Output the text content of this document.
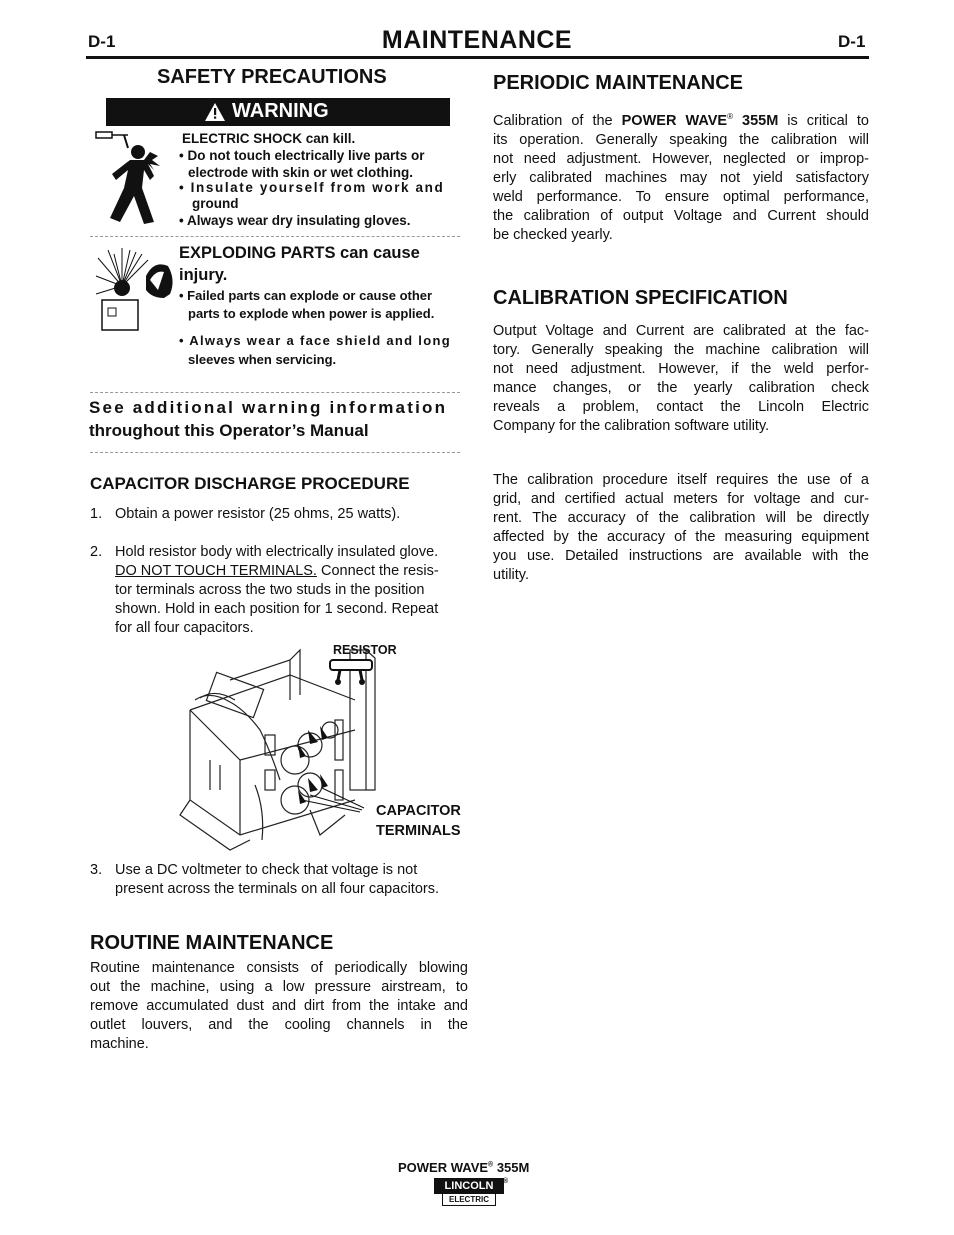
D-1	MAINTENANCE	D-1
SAFETY PRECAUTIONS
WARNING
ELECTRIC SHOCK can kill.
• Do not touch electrically live parts or
electrode with skin or wet clothing.
• Insulate yourself from work and
ground
• Always wear dry insulating gloves.
EXPLODING PARTS can cause
injury.
• Failed parts can explode or cause other
parts to explode when power is applied.
• Always wear a face shield and long
sleeves when servicing.
See additional warning information
throughout this Operator’s Manual
CAPACITOR DISCHARGE PROCEDURE
1. Obtain a power resistor (25 ohms, 25 watts).
2. Hold resistor body with electrically insulated glove.
DO NOT TOUCH TERMINALS. Connect the resis-
tor terminals across the two studs in the position
shown. Hold in each position for 1 second. Repeat
for all four capacitors.
RESISTOR
CAPACITOR
TERMINALS
3. Use a DC voltmeter to check that voltage is not
present across the terminals on all four capacitors.
ROUTINE MAINTENANCE
Routine maintenance consists of periodically blowing
out the machine, using a low pressure airstream, to
remove accumulated dust and dirt from the intake and
outlet louvers, and the cooling channels in the
machine.
PERIODIC MAINTENANCE
Calibration of the POWER WAVE® 355M is critical to
its operation. Generally speaking the calibration will
not need adjustment. However, neglected or improp-
erly calibrated machines may not yield satisfactory
weld performance. To ensure optimal performance,
the calibration of output Voltage and Current should
be checked yearly.
CALIBRATION SPECIFICATION
Output Voltage and Current are calibrated at the fac-
tory. Generally speaking the machine calibration will
not need adjustment. However, if the weld perfor-
mance changes, or the yearly calibration check
reveals a problem, contact the Lincoln Electric
Company for the calibration software utility.
The calibration procedure itself requires the use of a
grid, and certified actual meters for voltage and cur-
rent. The accuracy of the calibration will be directly
affected by the accuracy of the measuring equipment
you use. Detailed instructions are available with the
utility.
POWER WAVE® 355M
LINCOLN	®
ELECTRIC
